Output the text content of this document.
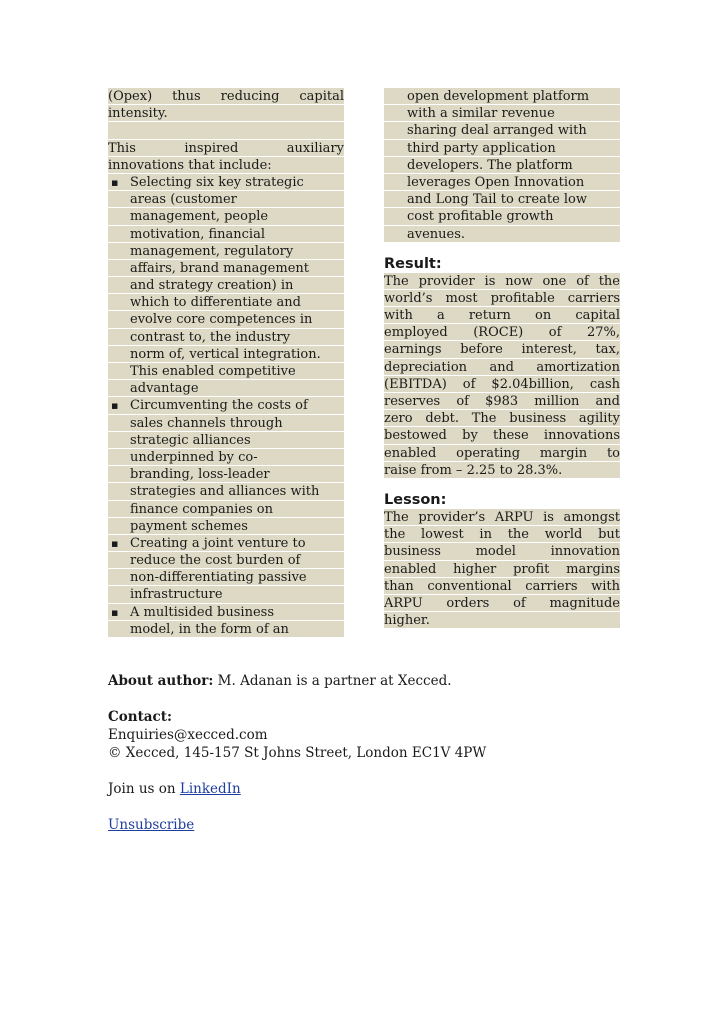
(Opex) thus reducing capital
intensity.
This inspired auxiliary
innovations that include:
▪ Selecting six key strategic
areas (customer
management, people
motivation, financial
management, regulatory
affairs, brand management
and strategy creation) in
which to differentiate and
evolve core competences in
contrast to, the industry
norm of, vertical integration.
This enabled competitive
advantage
▪ Circumventing the costs of
sales channels through
strategic alliances
underpinned by co-
branding, loss-leader
strategies and alliances with
finance companies on
payment schemes
▪ Creating a joint venture to
reduce the cost burden of
non-differentiating passive
infrastructure
▪ A multisided business
model, in the form of an
open development platform
with a similar revenue
sharing deal arranged with
third party application
developers. The platform
leverages Open Innovation
and Long Tail to create low
cost profitable growth
avenues.
Result:
The provider is now one of the
world’s most profitable carriers
with a return on capital
employed (ROCE) of 27%,
earnings before interest, tax,
depreciation and amortization
(EBITDA) of $2.04billion, cash
reserves of $983 million and
zero debt. The business agility
bestowed by these innovations
enabled operating margin to
raise from – 2.25 to 28.3%.
Lesson:
The provider’s ARPU is amongst
the lowest in the world but
business model innovation
enabled higher profit margins
than conventional carriers with
ARPU orders of magnitude
higher.

About author: M. Adanan is a partner at Xecced.

Contact:

Enquiries@xecced.com

© Xecced, 145-157 St Johns Street, London EC1V 4PW

Join us on LinkedIn

Unsubscribe
